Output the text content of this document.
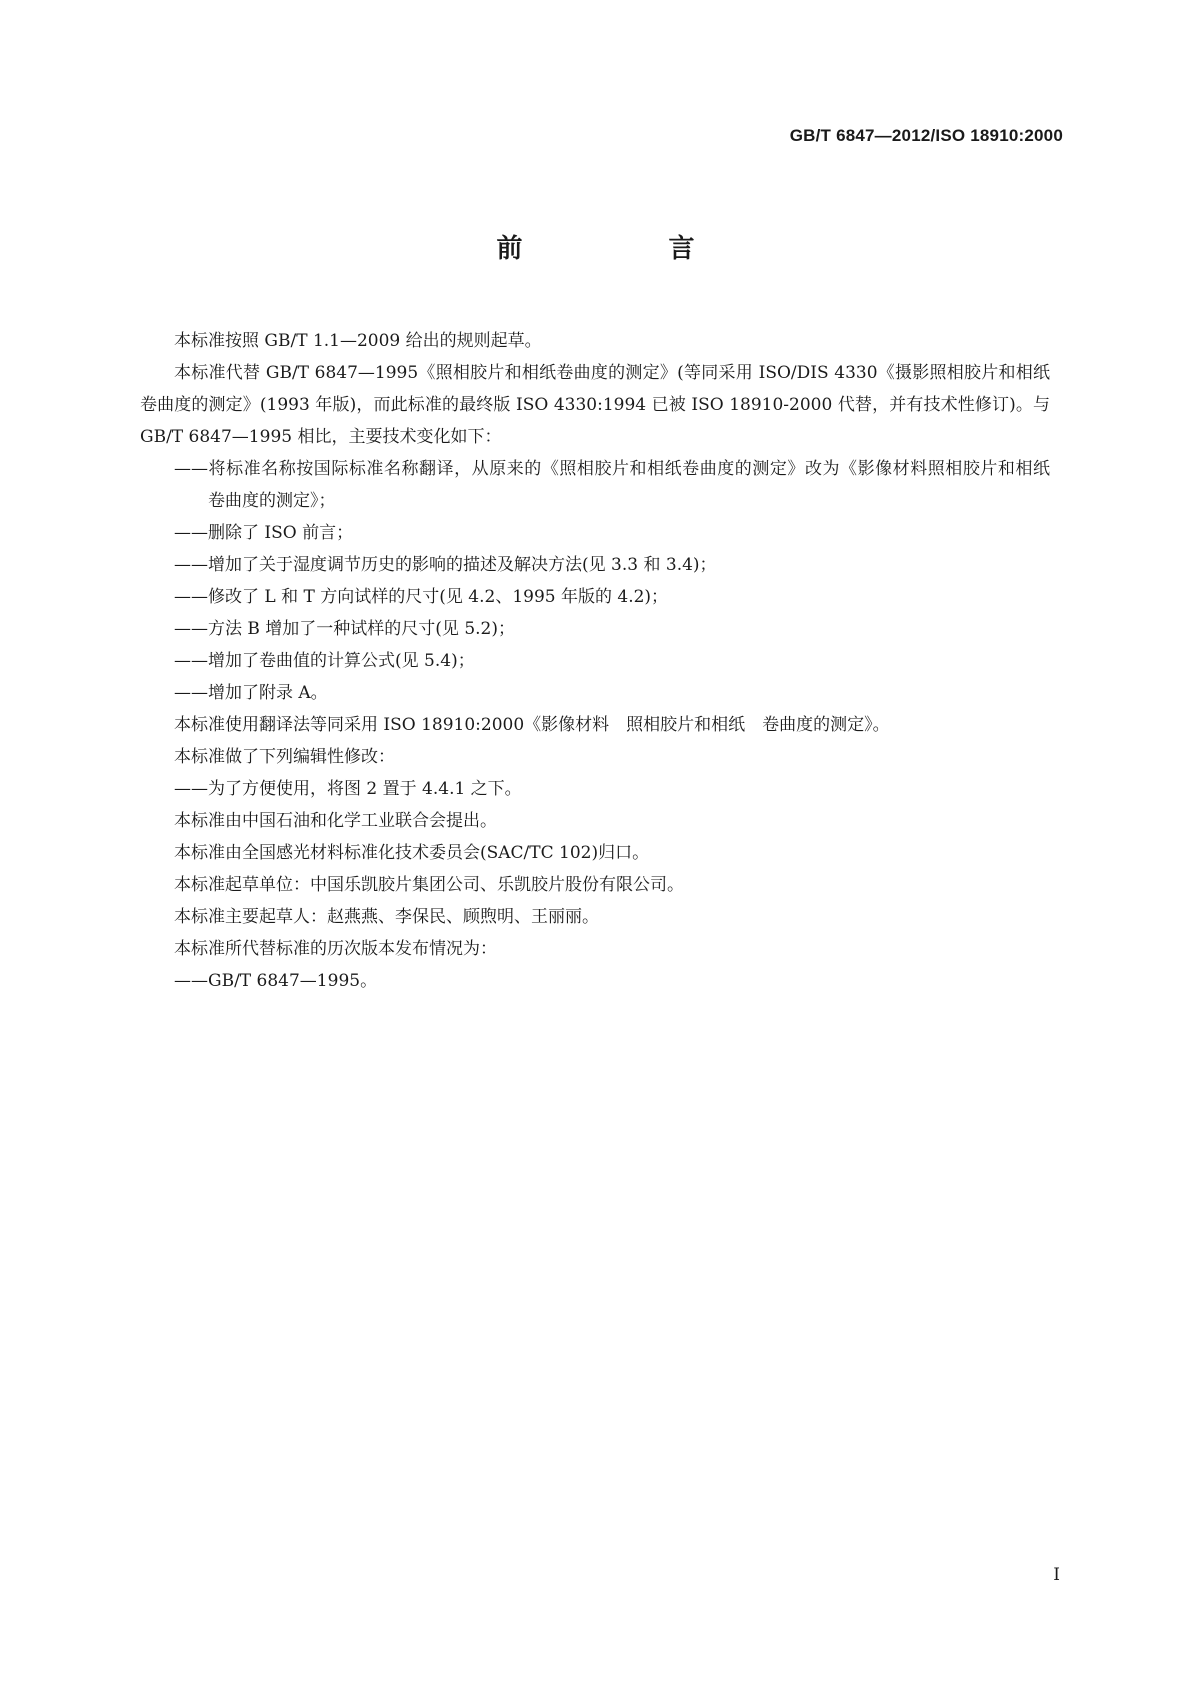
GB/T 6847—2012/ISO 18910:2000
前　言

本标准按照 GB/T 1.1—2009 给出的规则起草。

本标准代替 GB/T 6847—1995《照相胶片和相纸卷曲度的测定》(等同采用 ISO/DIS 4330《摄影照相胶片和相纸卷曲度的测定》(1993 年版)，而此标准的最终版 ISO 4330:1994 已被 ISO 18910-2000 代替，并有技术性修订)。与 GB/T 6847—1995 相比，主要技术变化如下：

——将标准名称按国际标准名称翻译，从原来的《照相胶片和相纸卷曲度的测定》改为《影像材料照相胶片和相纸　卷曲度的测定》；

——删除了 ISO 前言；

——增加了关于湿度调节历史的影响的描述及解决方法(见 3.3 和 3.4)；

——修改了 L 和 T 方向试样的尺寸(见 4.2、1995 年版的 4.2)；

——方法 B 增加了一种试样的尺寸(见 5.2)；

——增加了卷曲值的计算公式(见 5.4)；

——增加了附录 A。

本标准使用翻译法等同采用 ISO 18910:2000《影像材料　照相胶片和相纸　卷曲度的测定》。

本标准做了下列编辑性修改：

——为了方便使用，将图 2 置于 4.4.1 之下。

本标准由中国石油和化学工业联合会提出。

本标准由全国感光材料标准化技术委员会(SAC/TC 102)归口。

本标准起草单位：中国乐凯胶片集团公司、乐凯胶片股份有限公司。

本标准主要起草人：赵燕燕、李保民、顾煦明、王丽丽。

本标准所代替标准的历次版本发布情况为：

——GB/T 6847—1995。

I
